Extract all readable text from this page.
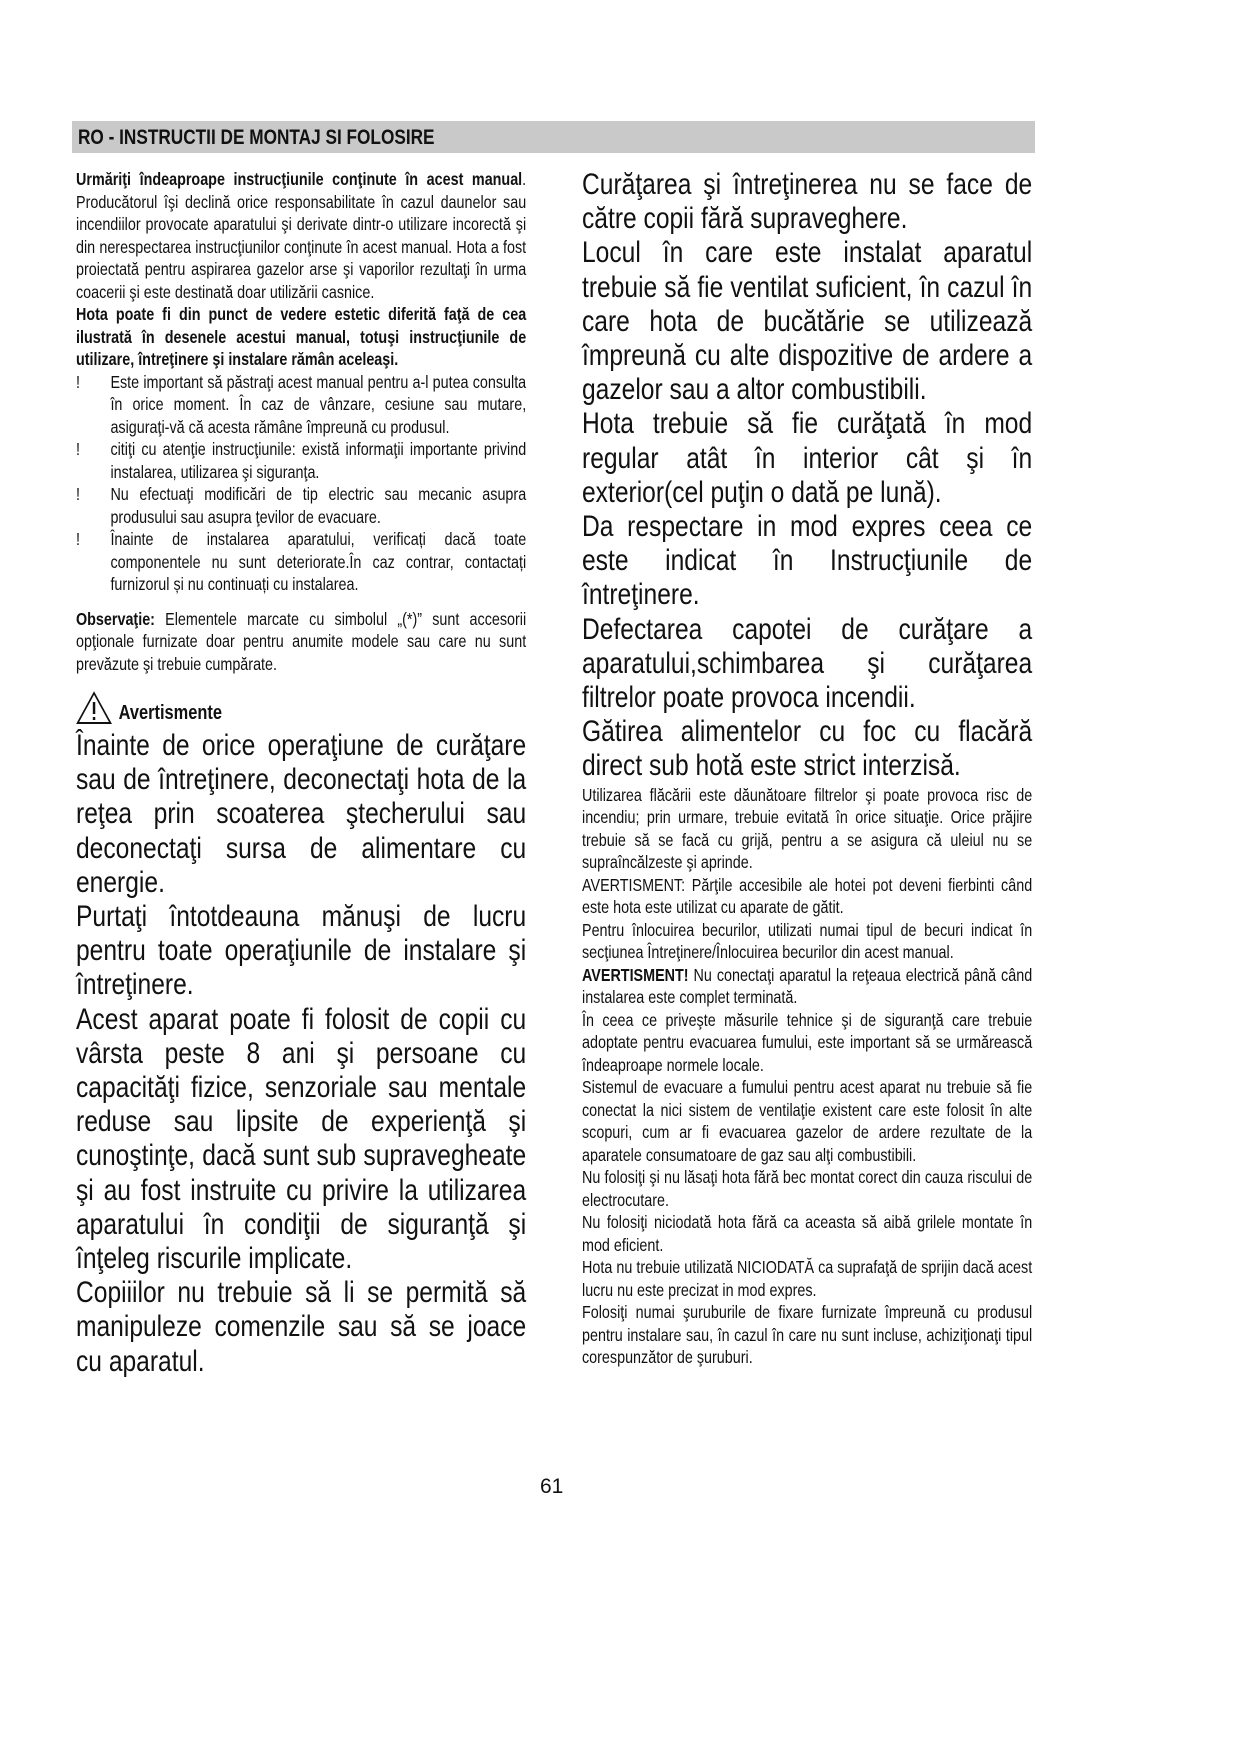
RO - INSTRUCTII DE MONTAJ SI FOLOSIRE

Urmăriţi îndeaproape instrucţiunile conţinute în acest manual. Producătorul îşi declină orice responsabilitate în cazul daunelor sau incendiilor provocate aparatului şi derivate dintr-o utilizare incorectă şi din nerespectarea instrucţiunilor conţinute în acest manual. Hota a fost proiectată pentru aspirarea gazelor arse şi vaporilor rezultaţi în urma coacerii şi este destinată doar utilizării casnice.

Hota poate fi din punct de vedere estetic diferită faţă de cea ilustrată în desenele acestui manual, totuşi instrucţiunile de utilizare, întreţinere şi instalare rămân aceleaşi.

!	Este important să păstraţi acest manual pentru a-l putea consulta în orice moment. În caz de vânzare, cesiune sau mutare, asiguraţi-vă că acesta rămâne împreună cu produsul.

!	citiţi cu atenţie instrucţiunile: există informaţii importante privind instalarea, utilizarea şi siguranţa.

!	Nu efectuaţi modificări de tip electric sau mecanic asupra produsului sau asupra ţevilor de evacuare.

!	Înainte de instalarea aparatului, verificați dacă toate componentele nu sunt deteriorate.În caz contrar, contactați furnizorul și nu continuați cu instalarea.

Observaţie: Elementele marcate cu simbolul „(*)” sunt accesorii opţionale furnizate doar pentru anumite modele sau care nu sunt prevăzute şi trebuie cumpărate.

Avertismente

Înainte de orice operaţiune de curăţare sau de întreţinere, deconectaţi hota de la reţea prin scoaterea ştecherului sau deconectaţi sursa de alimentare cu energie.

Purtaţi întotdeauna mănuşi de lucru pentru toate operaţiunile de instalare şi întreţinere.

Acest aparat poate fi folosit de copii cu vârsta peste 8 ani şi persoane cu capacităţi fizice, senzoriale sau mentale reduse sau lipsite de experienţă şi cunoştinţe, dacă sunt sub supravegheate şi au fost instruite cu privire la utilizarea aparatului în condiţii de siguranţă şi înţeleg riscurile implicate.

Copiiilor nu trebuie să li se permită să manipuleze comenzile sau să se joace cu aparatul.

Curăţarea şi întreţinerea nu se face de către copii fără supraveghere.

Locul în care este instalat aparatul trebuie să fie ventilat suficient, în cazul în care hota de bucătărie se utilizează împreună cu alte dispozitive de ardere a gazelor sau a altor combustibili.

Hota trebuie să fie curăţată în mod regular atât în interior cât şi în exterior(cel puţin o dată pe lună).

Da respectare in mod expres ceea ce este indicat în Instrucţiunile de întreţinere.

Defectarea capotei de curăţare a aparatului,schimbarea şi curăţarea filtrelor poate provoca incendii.

Gătirea alimentelor cu foc cu flacără direct sub hotă este strict interzisă.

Utilizarea flăcării este dăunătoare filtrelor şi poate provoca risc de incendiu; prin urmare, trebuie evitată în orice situaţie. Orice prăjire trebuie să se facă cu grijă, pentru a se asigura că uleiul nu se supraîncălzeste şi aprinde.

AVERTISMENT: Părţile accesibile ale hotei pot deveni fierbinti când este hota este utilizat cu aparate de gătit.

Pentru înlocuirea becurilor, utilizati numai tipul de becuri indicat în secţiunea Întreţinere/Înlocuirea becurilor din acest manual.

AVERTISMENT! Nu conectaţi aparatul la reţeaua electrică până când instalarea este complet terminată.

În ceea ce priveşte măsurile tehnice şi de siguranţă care trebuie adoptate pentru evacuarea fumului, este important să se urmărească îndeaproape normele locale.

Sistemul de evacuare a fumului pentru acest aparat nu trebuie să fie conectat la nici sistem de ventilaţie existent care este folosit în alte scopuri, cum ar fi evacuarea gazelor de ardere rezultate de la aparatele consumatoare de gaz sau alţi combustibili.

Nu folosiţi şi nu lăsaţi hota fără bec montat corect din cauza riscului de electrocutare.

Nu folosiţi niciodată hota fără ca aceasta să aibă grilele montate în mod eficient.

Hota nu trebuie utilizată NICIODATĂ ca suprafaţă de sprijin dacă acest lucru nu este precizat in mod expres.

Folosiţi numai şuruburile de fixare furnizate împreună cu produsul pentru instalare sau, în cazul în care nu sunt incluse, achiziţionaţi tipul corespunzător de şuruburi.

61
